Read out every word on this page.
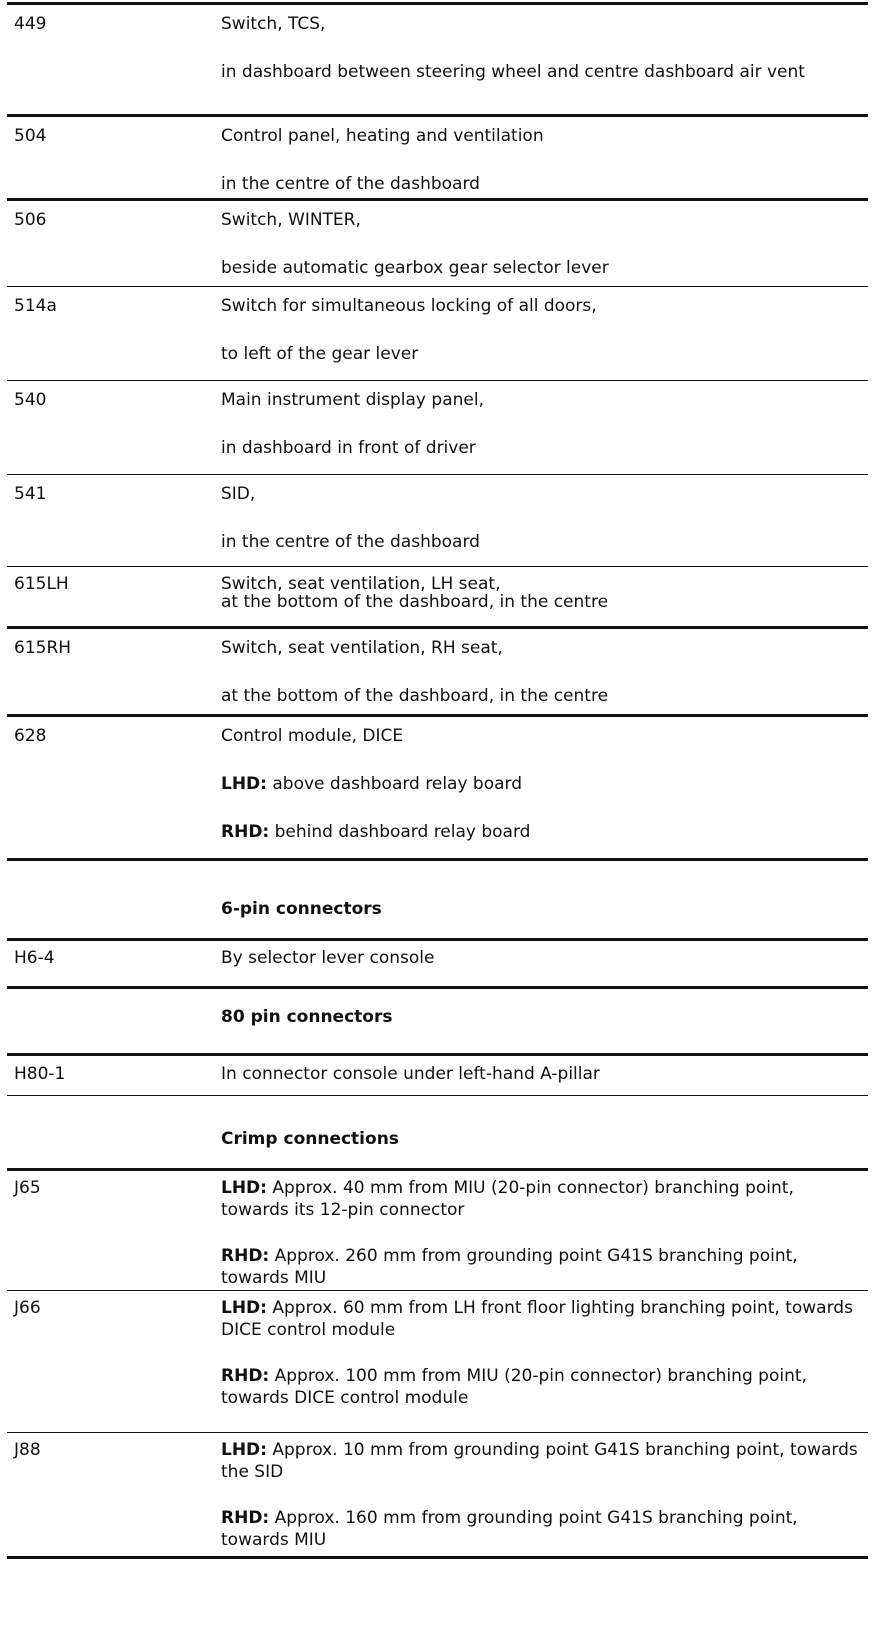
449	Switch, TCS,
in dashboard between steering wheel and centre dashboard air vent
504	Control panel, heating and ventilation
in the centre of the dashboard
506	Switch, WINTER,
beside automatic gearbox gear selector lever
514a	Switch for simultaneous locking of all doors,
to left of the gear lever
540	Main instrument display panel,
in dashboard in front of driver
541	SID,
in the centre of the dashboard
615LH	Switch, seat ventilation, LH seat,
at the bottom of the dashboard, in the centre
615RH	Switch, seat ventilation, RH seat,
at the bottom of the dashboard, in the centre
628	Control module, DICE
LHD: above dashboard relay board
RHD: behind dashboard relay board
6-pin connectors
H6-4	By selector lever console
80 pin connectors
H80-1	In connector console under left-hand A-pillar
Crimp connections
J65	LHD: Approx. 40 mm from MIU (20-pin connector) branching point, towards its 12-pin connector
RHD: Approx. 260 mm from grounding point G41S branching point, towards MIU
J66	LHD: Approx. 60 mm from LH front floor lighting branching point, towards DICE control module
RHD: Approx. 100 mm from MIU (20-pin connector) branching point, towards DICE control module
J88	LHD: Approx. 10 mm from grounding point G41S branching point, towards the SID
RHD: Approx. 160 mm from grounding point G41S branching point, towards MIU
